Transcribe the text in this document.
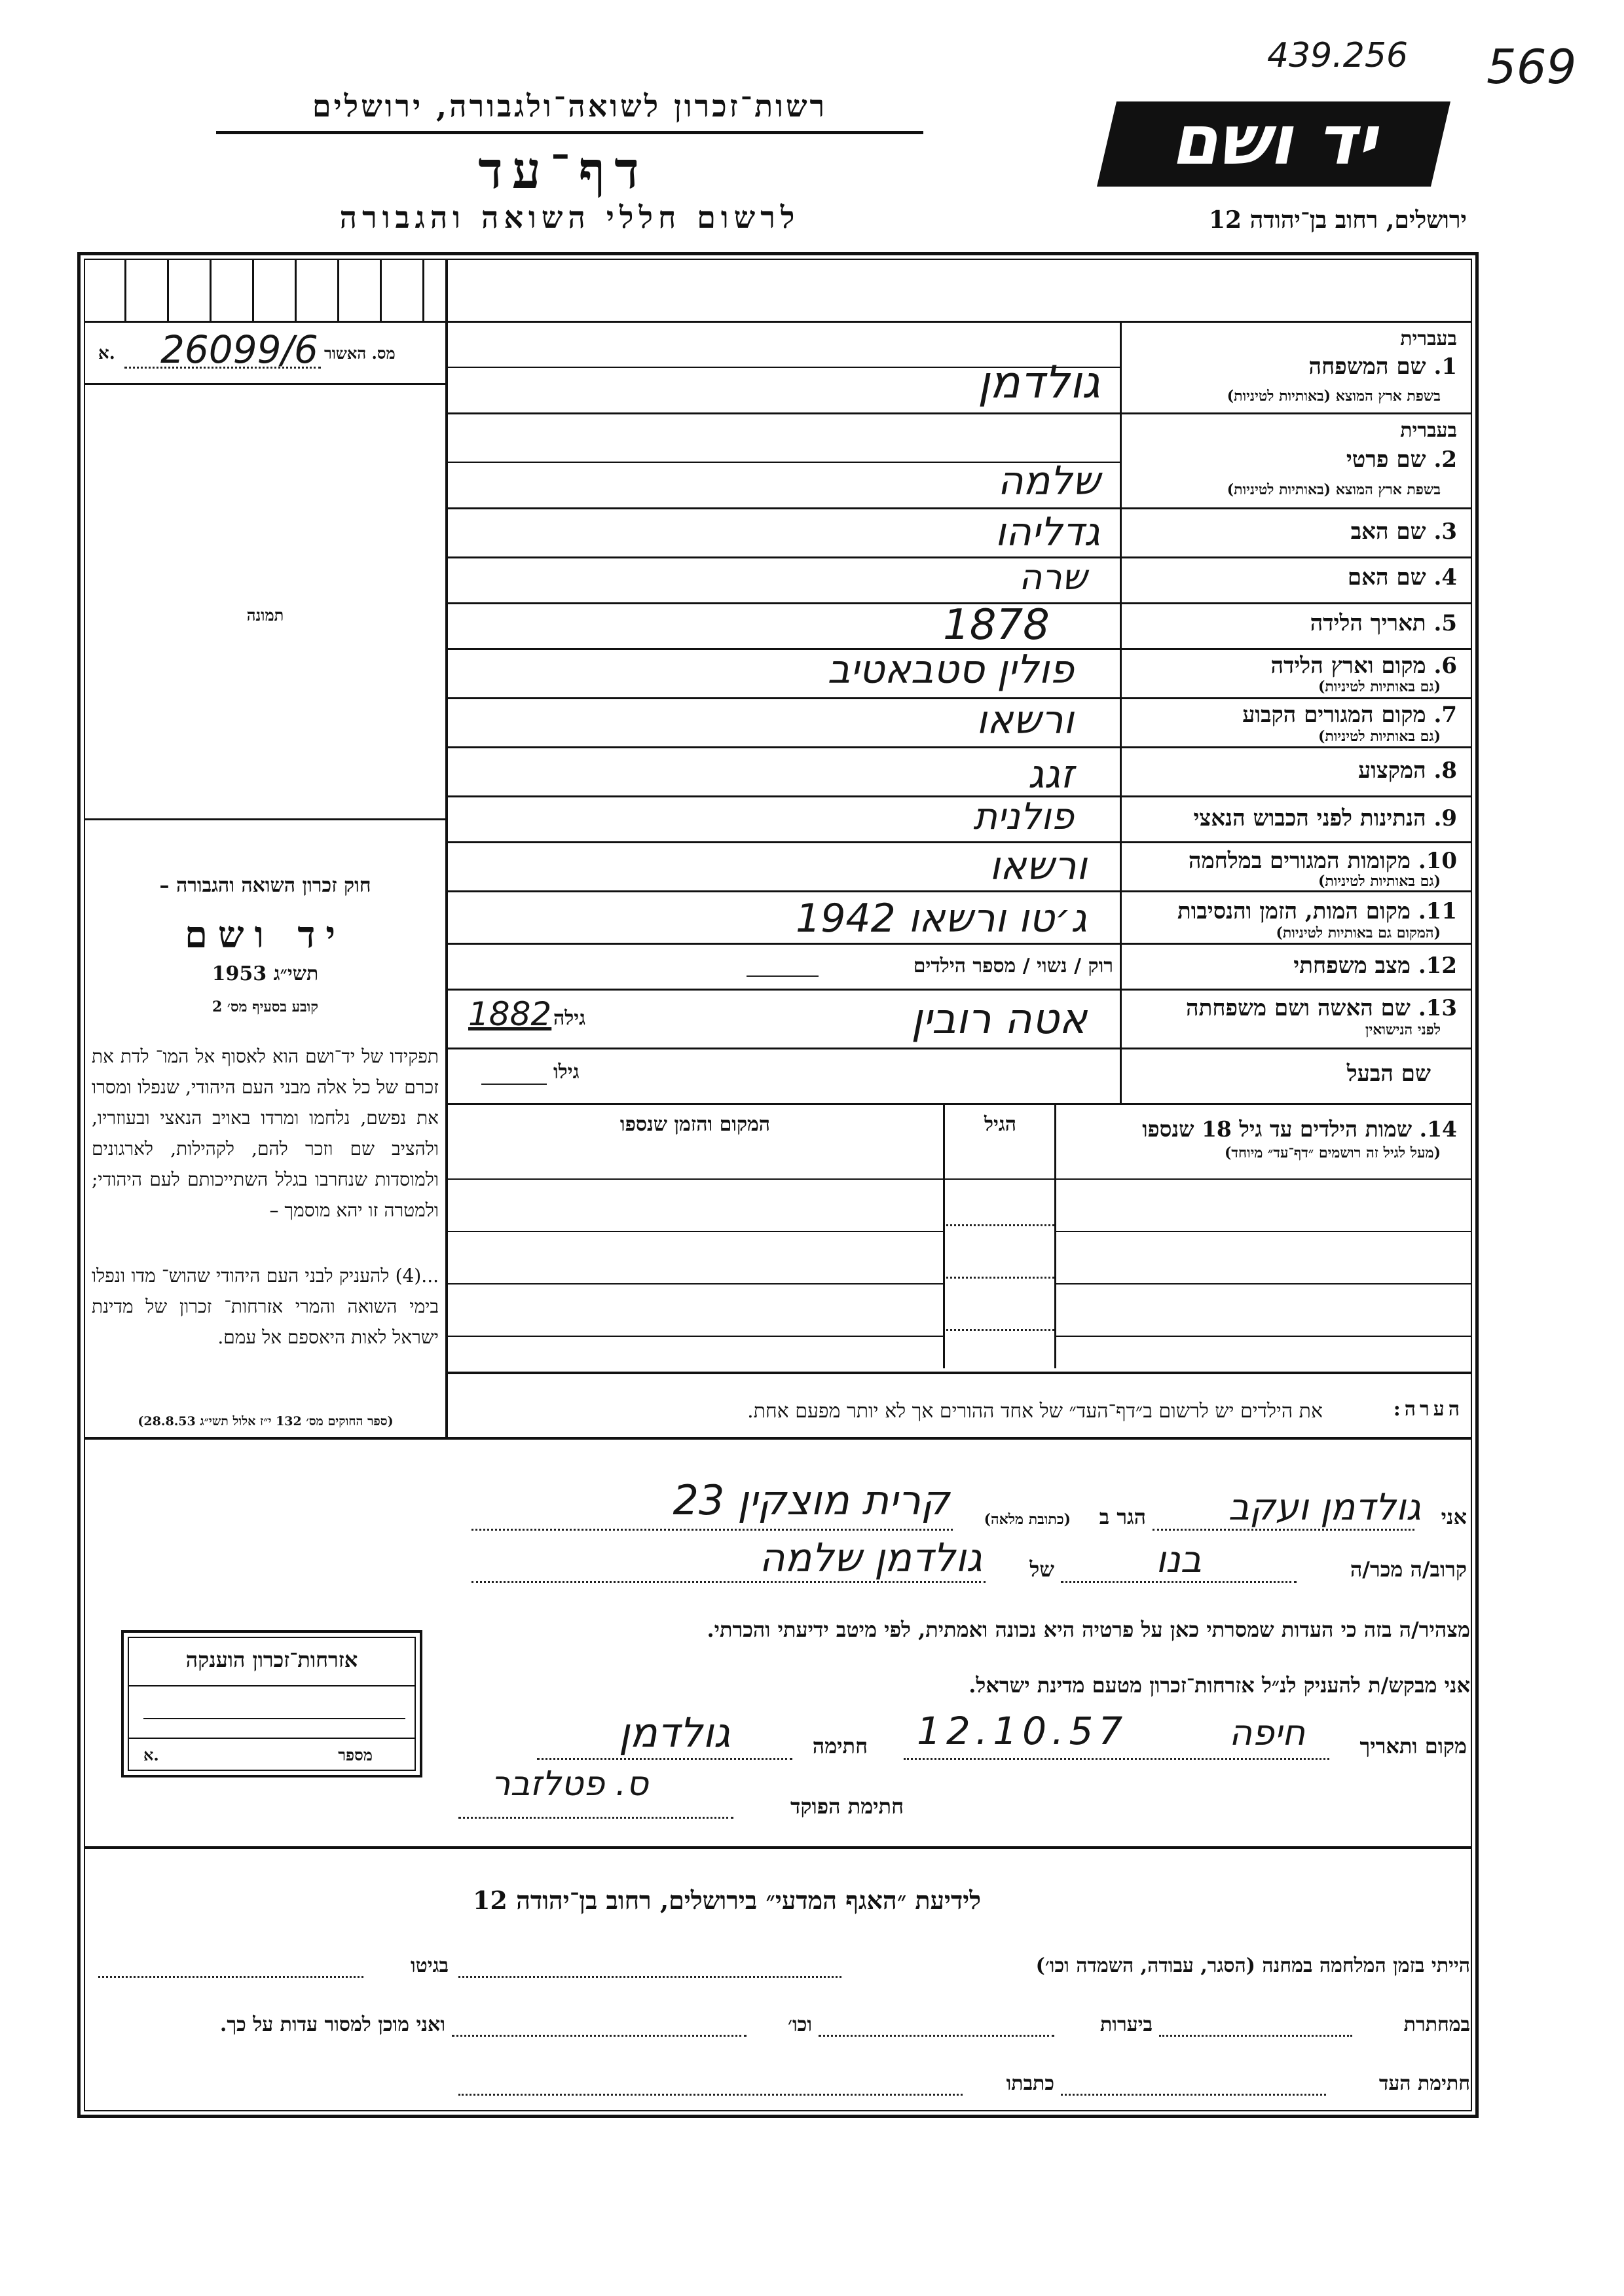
439.256 569
רשות־זכרון לשואה־ולגבורה, ירושלים
דף־עד
לרשום חללי השואה והגבורה
יד ושם
ירושלים, רחוב בן־יהודה 12
מס. האשור
26099/6
א.
תמונה
חוק זכרון השואה והגבורה –
יד ושם
תשי״ג 1953
קובע בסעיף מס׳ 2
תפקידו של יד־ושם הוא לאסוף אל המו־ לדת את זכרם של כל אלה מבני העם היהודי, שנפלו ומסרו את נפשם, נלחמו ומרדו באויב הנאצי ובעוזריו, ולהציב שם וזכר להם, לקהילות, לארגונים ולמוסדות שנחרבו בגלל השתייכותם לעם היהודי; ולמטרה זו יהא מוסמך –
...(4) להעניק לבני העם היהודי שהוש־ מדו ונפלו בימי השואה והמרי אזרחות־ זכרון של מדינת ישראל לאות היאספם אל עמם.
(ספר החוקים מס׳ 132 י״ז אלול תשי״ג 28.8.53)
בעברית
1. שם המשפחה
בשפת ארץ המוצא (באותיות לטיניות)
גולדמן
בעברית
2. שם פרטי
בשפת ארץ המוצא (באותיות לטיניות)
שלמה
3. שם האב
גדליהו
4. שם האם
שרה
5. תאריך הלידה
1878
6. מקום וארץ הלידה
(גם באותיות לטיניות)
פולין סטבאטיב
7. מקום המגורים הקבוע
(גם באותיות לטיניות)
ורשאו
8. המקצוע
זגג
9. הנתינות לפני הכבוש הנאצי
פולנית
10. מקומות המגורים במלחמה
(גם באותיות לטיניות)
ורשאו
11. מקום המות, הזמן והנסיבות
(המקום גם באותיות לטיניות)
ג׳טו ורשאו 1942
12. מצב משפחתי
רוק / נשוי / מספר הילדים
13. שם האשה ושם משפחתה
לפני הנישואין
אטה רובין
גילה
1882
שם הבעל
גילו
14. שמות הילדים עד גיל 18 שנספו
(מעל לגיל זה רושמים ״דף־עד״ מיוחד)
הגיל
המקום והזמן שנספו
הערה:
את הילדים יש לרשום ב״דף־העד״ של אחד ההורים אך לא יותר מפעם אחת.
אני
גולדמן ועקב
הגר ב
(כתובת מלאה)
קרית מוצקין 23
קרוב/ה מכר/ה
בנו
של
גולדמן שלמה
מצהיר/ה בזה כי העדות שמסרתי כאן על פרטיה היא נכונה ואמתית, לפי מיטב ידיעתי והכרתי.
אני מבקש/ת להעניק לנ״ל אזרחות־זכרון מטעם מדינת ישראל.
מקום ותאריך
חיפה
12.10.57
חתימה
גולדמן
ס. פטלזבר
חתימת הפוקד
אזרחות־זכרון הוענקה
מספר
א.
לידיעת ״האגף המדעי״ בירושלים, רחוב בן־יהודה 12
הייתי בזמן המלחמה במחנה (הסגר, עבודה, השמדה וכו׳)
בגיטו
במחתרת
ביערות
וכו׳
ואני מוכן למסור עדות על כך.
חתימת העד
כתבתו
